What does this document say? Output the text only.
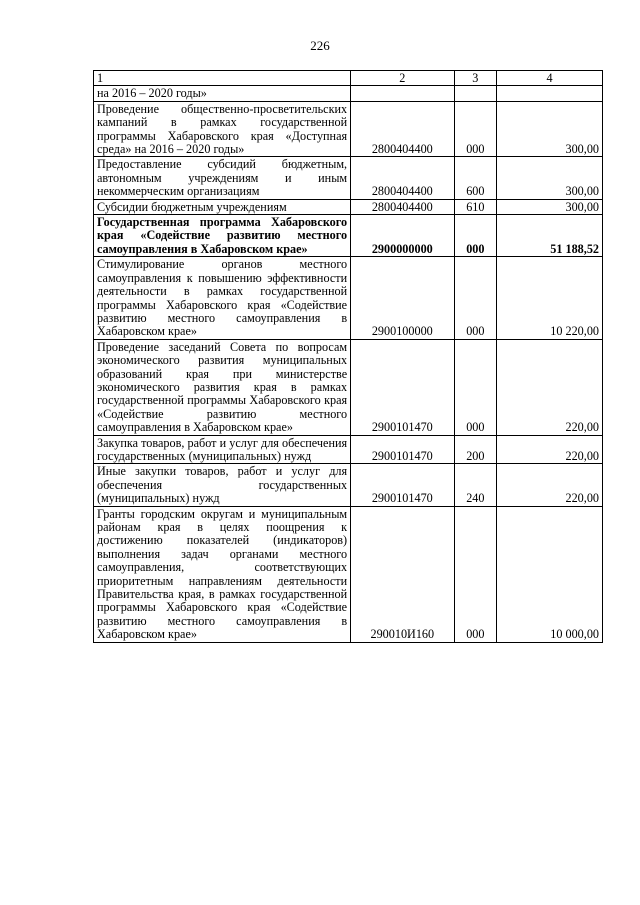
226
1	2	3	4
на 2016 – 2020 годы»			
Проведение общественно-просветительских кампаний в рамках государственной программы Хабаровского края «Доступная среда» на 2016 – 2020 годы»	2800404400	000	300,00
Предоставление субсидий бюджетным, автономным учреждениям и иным некоммерческим организациям	2800404400	600	300,00
Субсидии бюджетным учреждениям	2800404400	610	300,00
Государственная программа Хабаровского края «Содействие развитию местного самоуправления в Хабаровском крае»	2900000000	000	51 188,52
Стимулирование органов местного самоуправления к повышению эффективности деятельности в рамках государственной программы Хабаровского края «Содействие развитию местного самоуправления в Хабаровском крае»	2900100000	000	10 220,00
Проведение заседаний Совета по вопросам экономического развития муниципальных образований края при министерстве экономического развития края в рамках государственной программы Хабаровского края «Содействие развитию местного самоуправления в Хабаровском крае»	2900101470	000	220,00
Закупка товаров, работ и услуг для обеспечения государственных (муниципальных) нужд	2900101470	200	220,00
Иные закупки товаров, работ и услуг для обеспечения государственных (муниципальных) нужд	2900101470	240	220,00
Гранты городским округам и муниципальным районам края в целях поощрения к достижению показателей (индикаторов) выполнения задач органами местного самоуправления, соответствующих приоритетным направлениям деятельности Правительства края, в рамках государственной программы Хабаровского края «Содействие развитию местного самоуправления в Хабаровском крае»	290010И160	000	10 000,00
